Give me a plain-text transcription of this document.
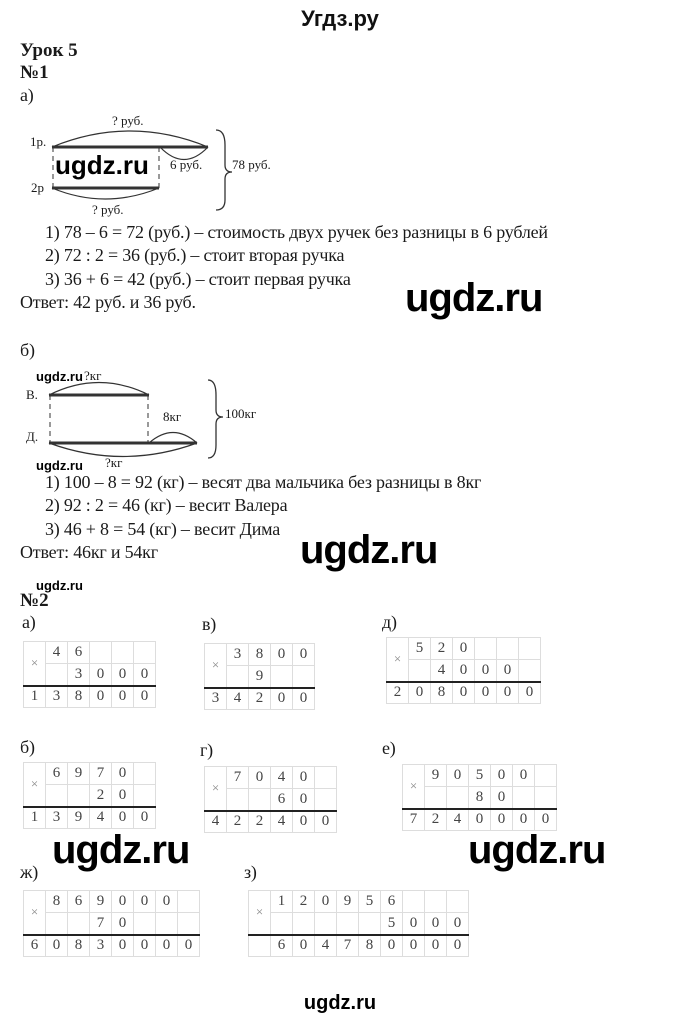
Угдз.ру
Урок 5
№1
а)
? руб.
1р.
6 руб. 78 руб.
2р
? руб.
ugdz.ru
1) 78 – 6 = 72 (руб.) – стоимость двух ручек без разницы в 6 рублей
2) 72 : 2 = 36 (руб.) – стоит вторая ручка
3) 36 + 6 = 42 (руб.) – стоит первая ручка
Ответ: 42 руб. и 36 руб.	ugdz.ru
б)
ugdz.ru ?кг
В.
100кг
8кг
Д.
?кг
ugdz.ru
1) 100 – 8 = 92 (кг) – весят два мальчика без разницы в 8кг
2) 92 : 2 = 46 (кг) – весит Валера
3) 46 + 8 = 54 (кг) – весит Дима
Ответ: 46кг и 54кг	ugdz.ru
ugdz.ru
№2
а)	в)	д)
б)	г)	е)
ж)	з)
×	4	6			
		3	0	0	0
1	3	8	0	0	0
×	3	8	0	0
		9		
3	4	2	0	0
×	5	2	0			
		4	0	0	0	
2	0	8	0	0	0	0
×	6	9	7	0	
			2	0	
1	3	9	4	0	0
×	7	0	4	0	
			6	0	
4	2	2	4	0	0
×	9	0	5	0	0	
			8	0		
7	2	4	0	0	0	0
ugdz.ru	ugdz.ru
×	8	6	9	0	0	0	
			7	0			
6	0	8	3	0	0	0	0
×	1	2	0	9	5	6			
						5	0	0	0
	6	0	4	7	8	0	0	0	0
ugdz.ru
